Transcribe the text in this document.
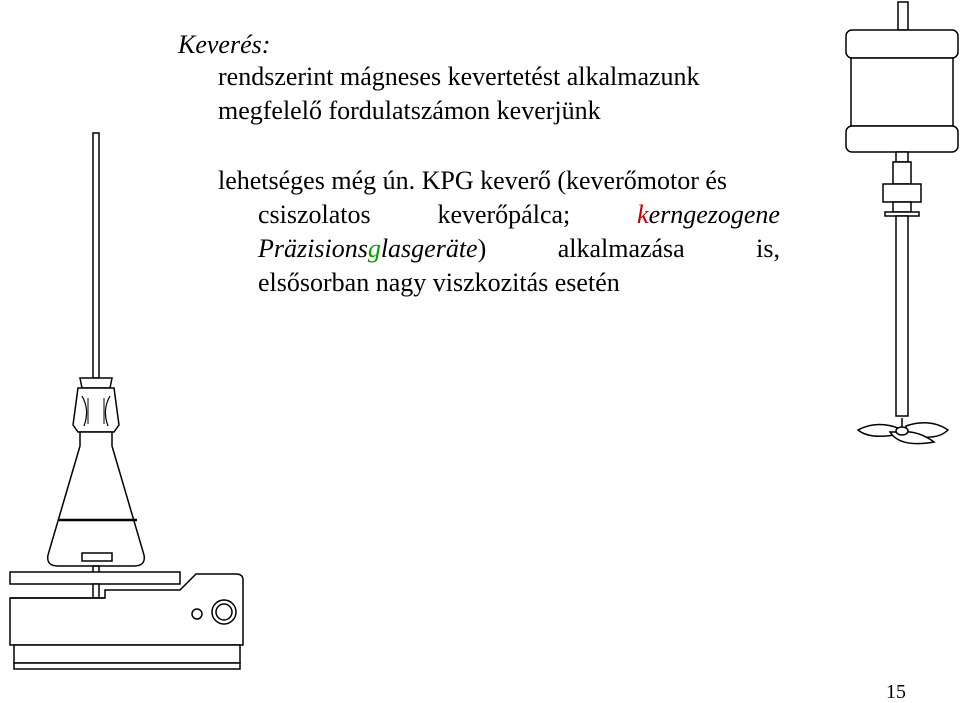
Keverés:
rendszerint mágneses kevertetést alkalmazunk
megfelelő fordulatszámon keverjünk
lehetséges még ún. KPG keverő (keverőmotor és
csiszolatos	keverőpálca;	kerngezogene
Präzisionsglasgeräte)	alkalmazása	is,
elsősorban nagy viszkozitás esetén
15
